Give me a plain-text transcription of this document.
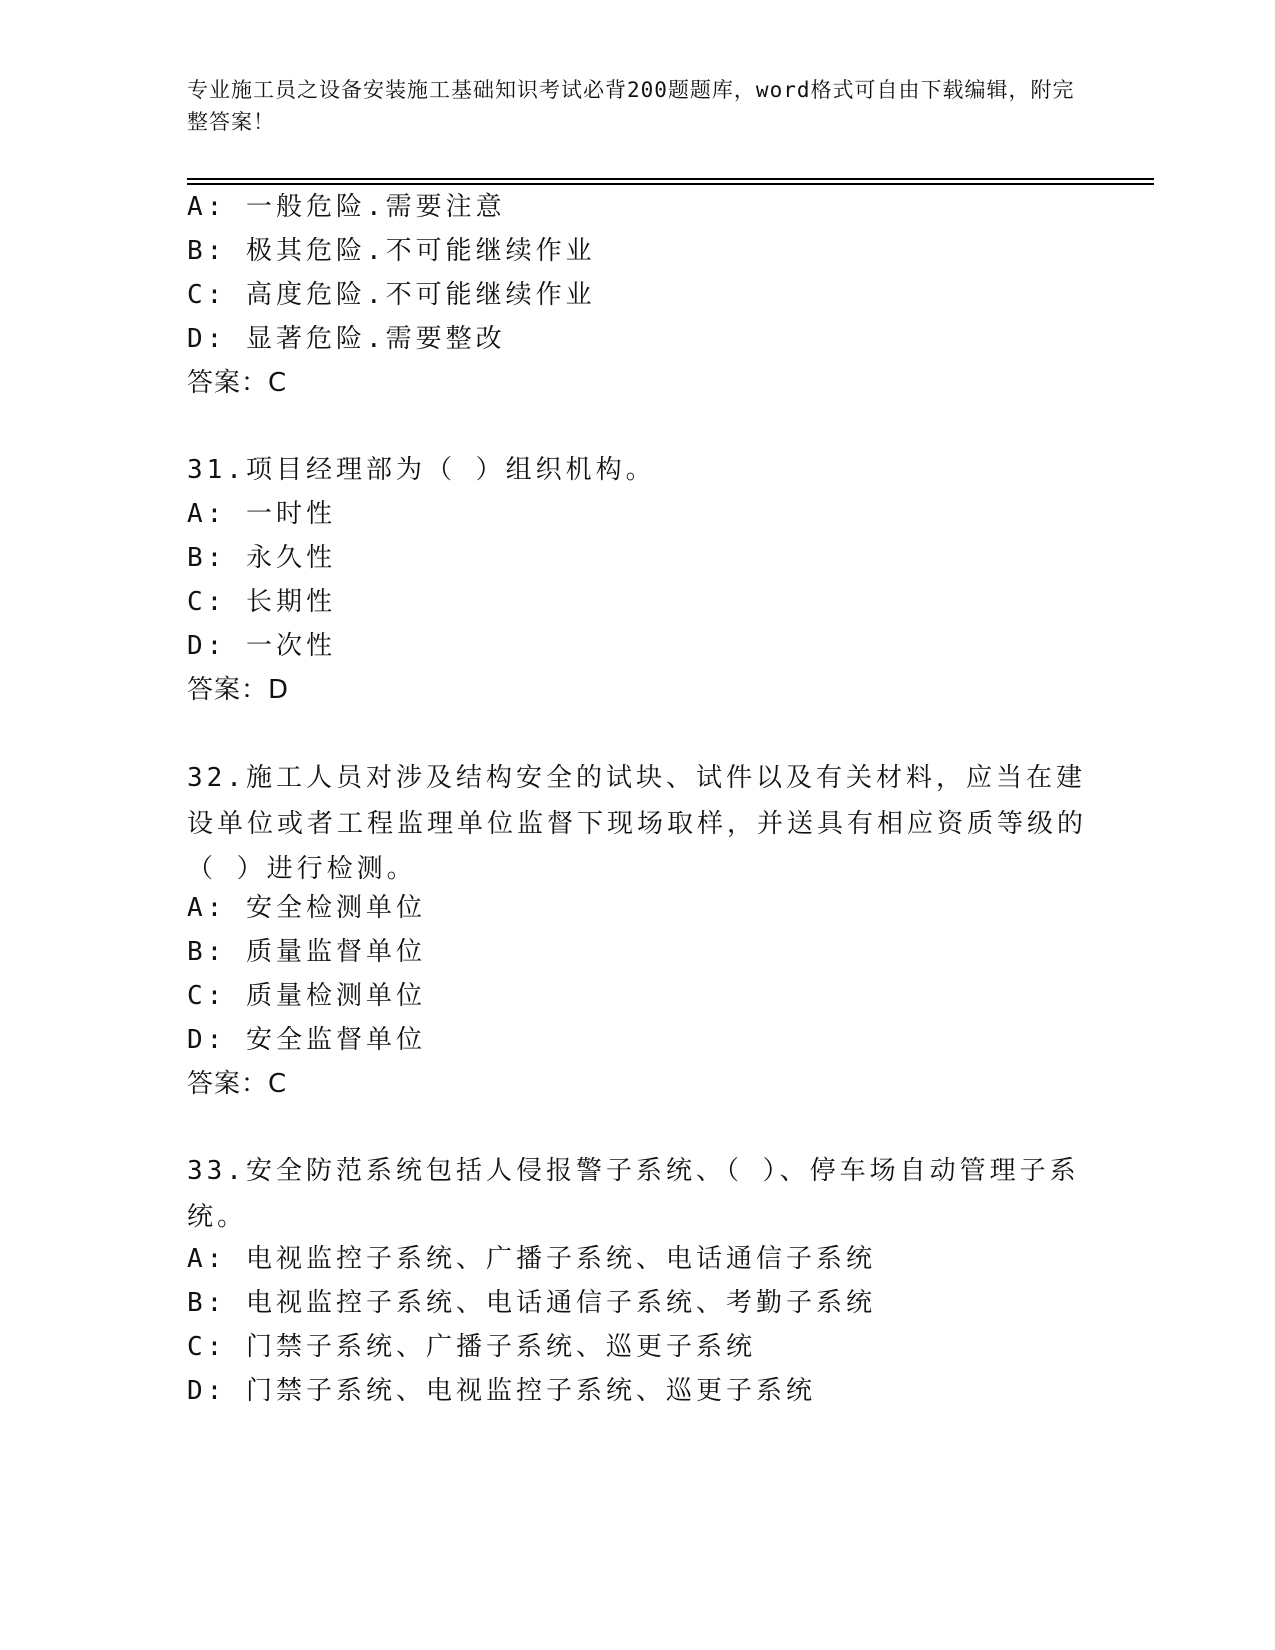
专业施工员之设备安装施工基础知识考试必背200题题库，word格式可自由下载编辑，附完整答案！
A: 一般危险.需要注意
B: 极其危险.不可能继续作业
C: 高度危险.不可能继续作业
D: 显著危险.需要整改
答案：C
31.项目经理部为（ ）组织机构。
A: 一时性
B: 永久性
C: 长期性
D: 一次性
答案：D
32.施工人员对涉及结构安全的试块、试件以及有关材料，应当在建设单位或者工程监理单位监督下现场取样，并送具有相应资质等级的（ ）进行检测。
A: 安全检测单位
B: 质量监督单位
C: 质量检测单位
D: 安全监督单位
答案：C
33.安全防范系统包括人侵报警子系统、（ ）、停车场自动管理子系统。
A: 电视监控子系统、广播子系统、电话通信子系统
B: 电视监控子系统、电话通信子系统、考勤子系统
C: 门禁子系统、广播子系统、巡更子系统
D: 门禁子系统、电视监控子系统、巡更子系统
